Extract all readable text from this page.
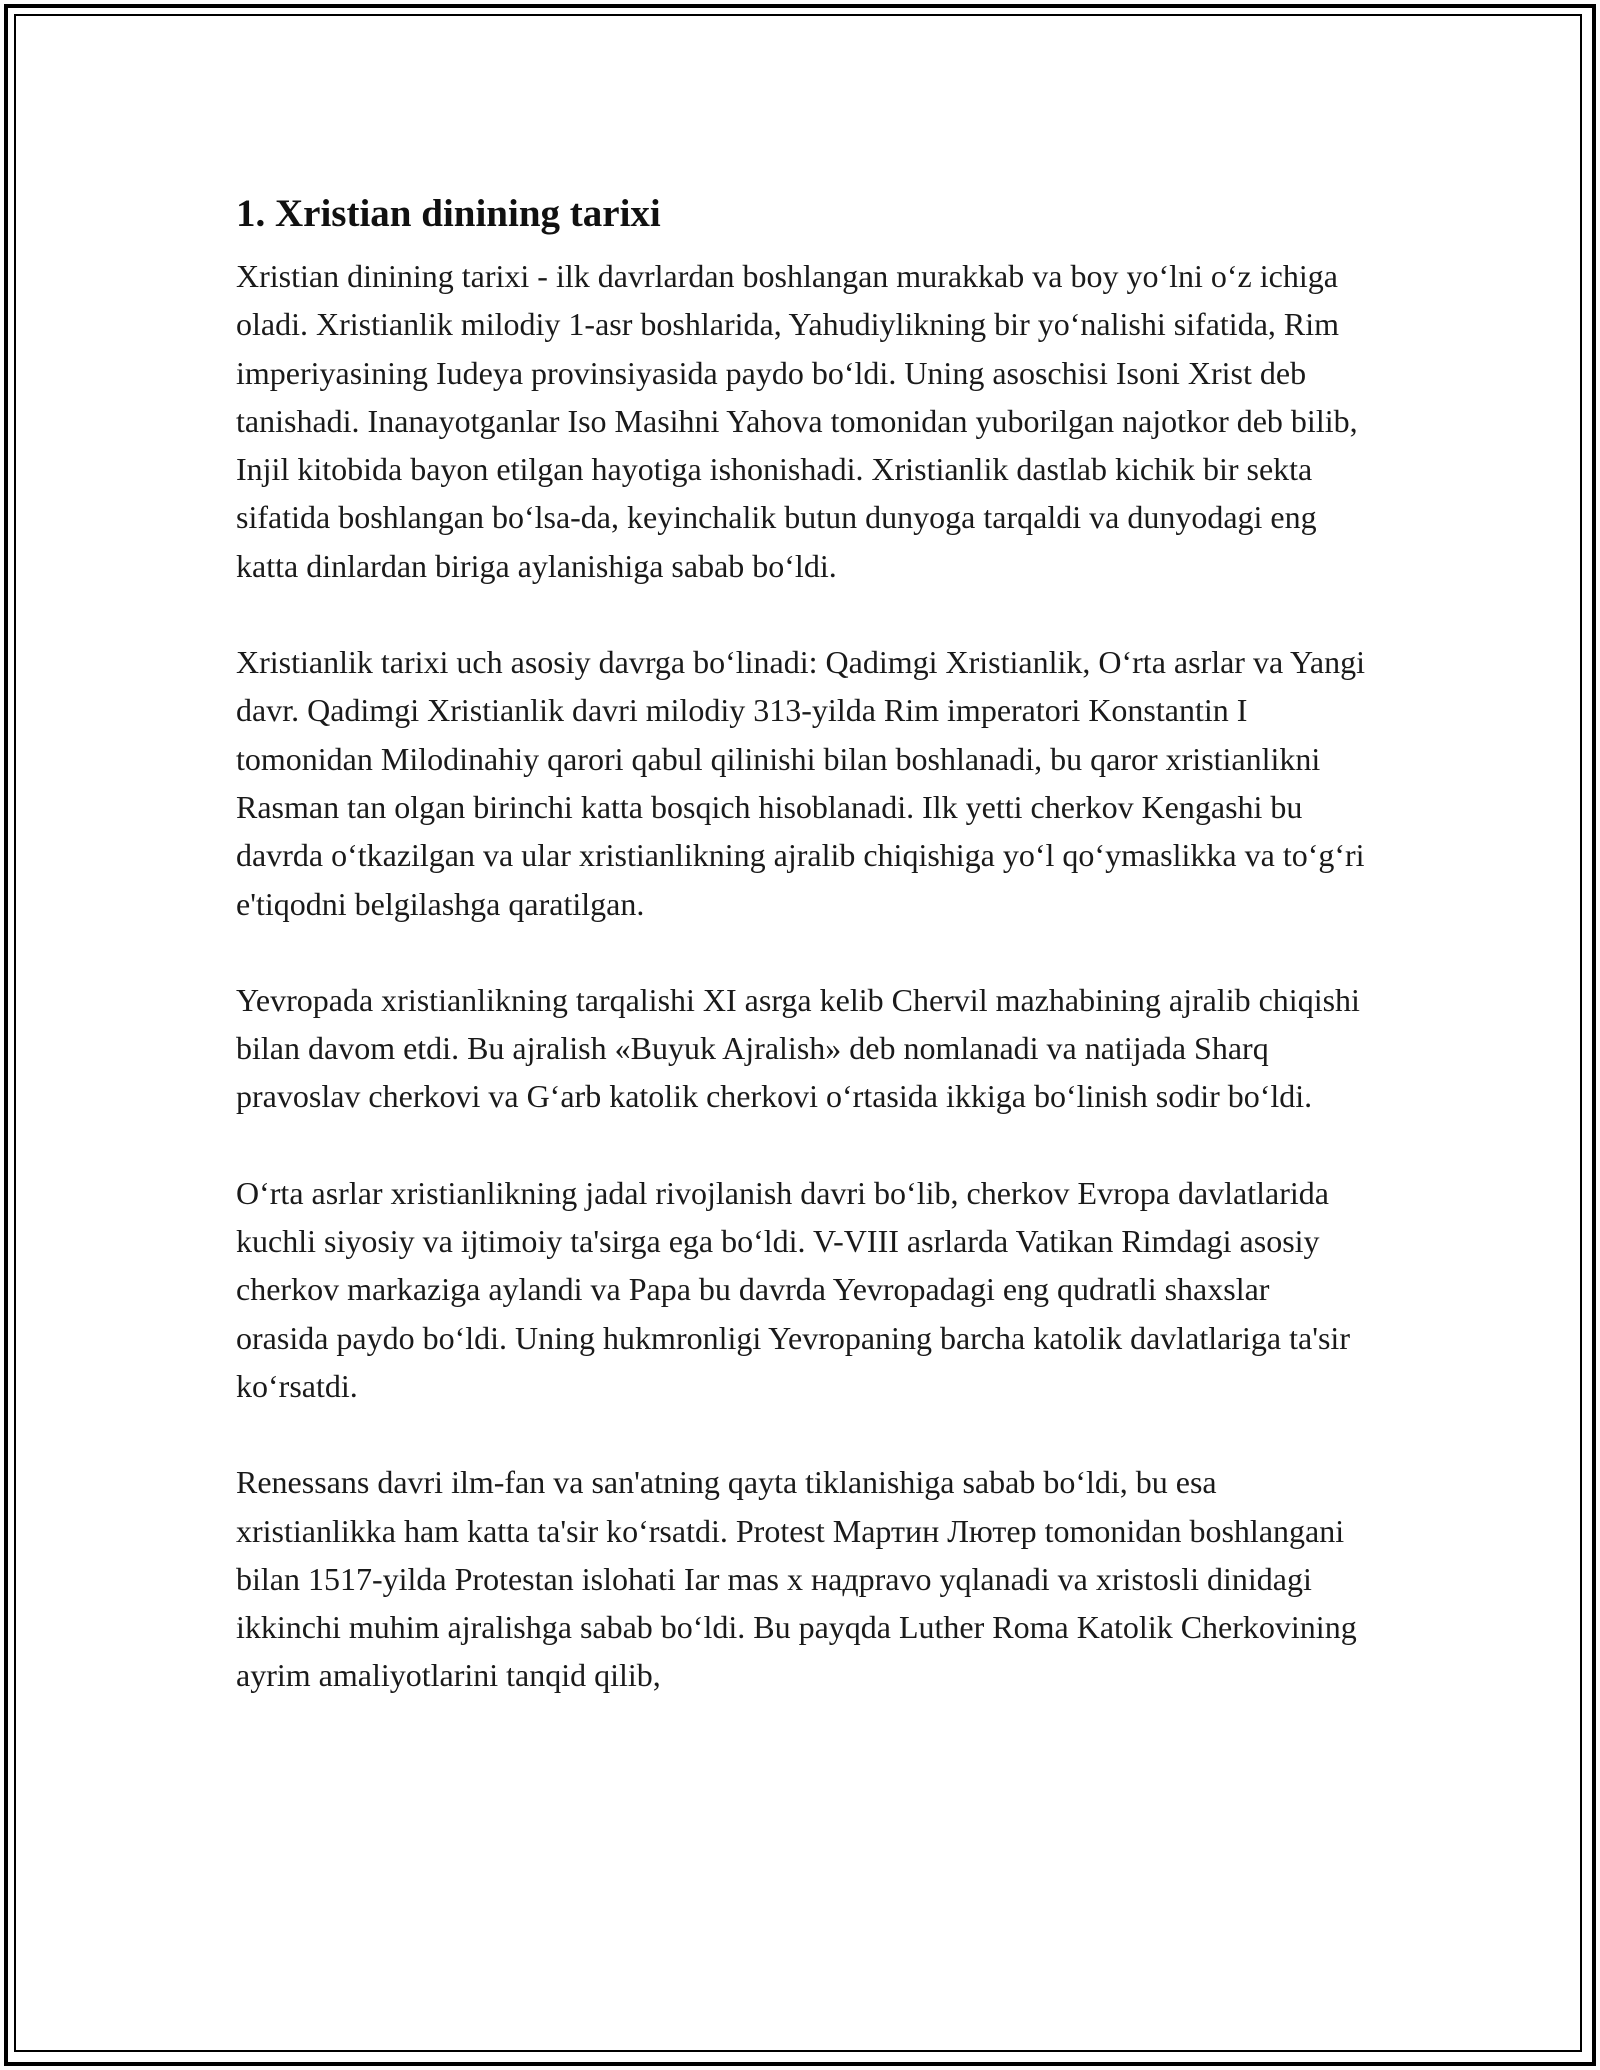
1. Xristian dinining tarixi

Xristian dinining tarixi - ilk davrlardan boshlangan murakkab va boy yoʻlni oʻz ichiga oladi. Xristianlik milodiy 1-asr boshlarida, Yahudiylikning bir yoʻnalishi sifatida, Rim imperiyasining Iudeya provinsiyasida paydo boʻldi. Uning asoschisi Isoni Xrist deb tanishadi. Inanayotganlar Iso Masihni Yahova tomonidan yuborilgan najotkor deb bilib, Injil kitobida bayon etilgan hayotiga ishonishadi. Xristianlik dastlab kichik bir sekta sifatida boshlangan boʻlsa-da, keyinchalik butun dunyoga tarqaldi va dunyodagi eng katta dinlardan biriga aylanishiga sabab boʻldi.

Xristianlik tarixi uch asosiy davrga boʻlinadi: Qadimgi Xristianlik, Oʻrta asrlar va Yangi davr. Qadimgi Xristianlik davri milodiy 313-yilda Rim imperatori Konstantin I tomonidan Milodinahiy qarori qabul qilinishi bilan boshlanadi, bu qaror xristianlikni Rasman tan olgan birinchi katta bosqich hisoblanadi. Ilk yetti cherkov Kengashi bu davrda oʻtkazilgan va ular xristianlikning ajralib chiqishiga yoʻl qoʻymaslikka va toʻgʻri e'tiqodni belgilashga qaratilgan.

Yevropada xristianlikning tarqalishi XI asrga kelib Chervil mazhabining ajralib chiqishi bilan davom etdi. Bu ajralish «Buyuk Ajralish» deb nomlanadi va natijada Sharq pravoslav cherkovi va Gʻarb katolik cherkovi oʻrtasida ikkiga boʻlinish sodir boʻldi.

Oʻrta asrlar xristianlikning jadal rivojlanish davri boʻlib, cherkov Evropa davlatlarida kuchli siyosiy va ijtimoiy ta'sirga ega boʻldi. V-VIII asrlarda Vatikan Rimdagi asosiy cherkov markaziga aylandi va Papa bu davrda Yevropadagi eng qudratli shaxslar orasida paydo boʻldi. Uning hukmronligi Yevropaning barcha katolik davlatlariga ta'sir koʻrsatdi.

Renessans davri ilm-fan va san'atning qayta tiklanishiga sabab boʻldi, bu esa xristianlikka ham katta ta'sir koʻrsatdi. Protest Мартин Лютер tomonidan boshlangani bilan 1517-yilda Protestan islohati Iar mas x надpravo yqlanadi va xristosli dinidagi ikkinchi muhim ajralishga sabab boʻldi. Bu payqda Luther Roma Katolik Cherkovining ayrim amaliyotlarini tanqid qilib,
